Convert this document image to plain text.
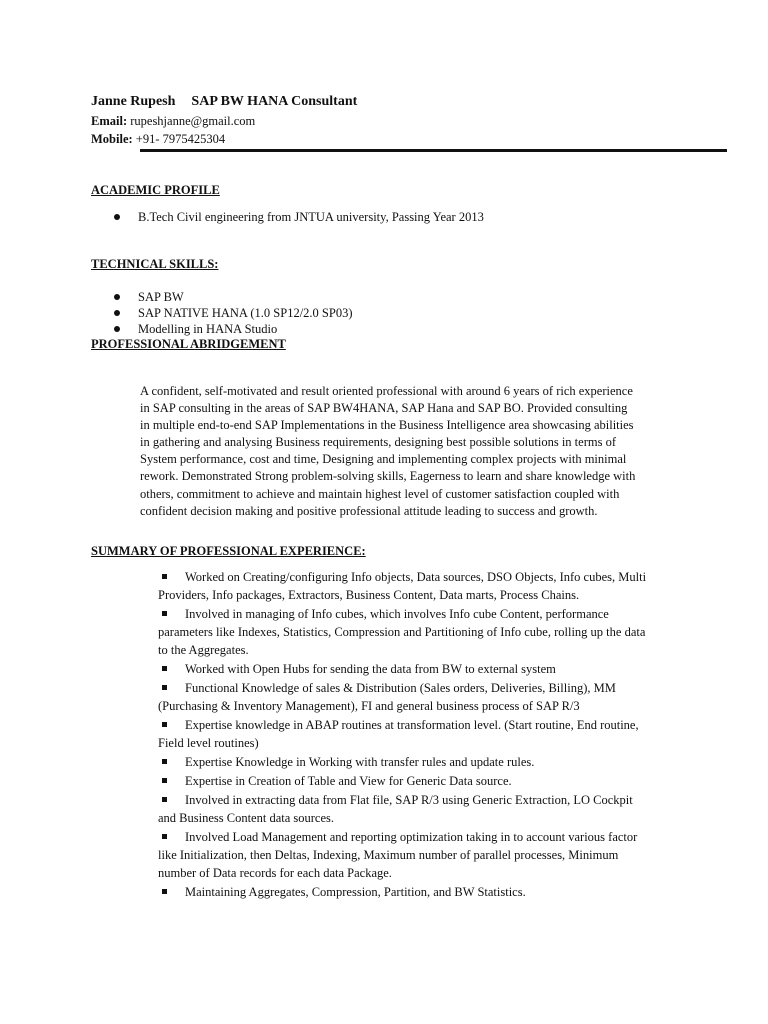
Janne Rupesh SAP BW HANA Consultant
Email: rupeshjanne@gmail.com
Mobile: +91- 7975425304
ACADEMIC PROFILE
B.Tech Civil engineering from JNTUA university, Passing Year 2013
TECHNICAL SKILLS:
SAP BW
SAP NATIVE HANA (1.0 SP12/2.0 SP03)
Modelling in HANA Studio
PROFESSIONAL ABRIDGEMENT
A confident, self-motivated and result oriented professional with around 6 years of rich experience
in SAP consulting in the areas of SAP BW4HANA, SAP Hana and SAP BO. Provided consulting
in multiple end-to-end SAP Implementations in the Business Intelligence area showcasing abilities
in gathering and analysing Business requirements, designing best possible solutions in terms of
System performance, cost and time, Designing and implementing complex projects with minimal
rework. Demonstrated Strong problem-solving skills, Eagerness to learn and share knowledge with
others, commitment to achieve and maintain highest level of customer satisfaction coupled with
confident decision making and positive professional attitude leading to success and growth.
SUMMARY OF PROFESSIONAL EXPERIENCE:
Worked on Creating/configuring Info objects, Data sources, DSO Objects, Info cubes, Multi
Providers, Info packages, Extractors, Business Content, Data marts, Process Chains.
Involved in managing of Info cubes, which involves Info cube Content, performance
parameters like Indexes, Statistics, Compression and Partitioning of Info cube, rolling up the data
to the Aggregates.
Worked with Open Hubs for sending the data from BW to external system
Functional Knowledge of sales & Distribution (Sales orders, Deliveries, Billing), MM
(Purchasing & Inventory Management), FI and general business process of SAP R/3
Expertise knowledge in ABAP routines at transformation level. (Start routine, End routine,
Field level routines)
Expertise Knowledge in Working with transfer rules and update rules.
Expertise in Creation of Table and View for Generic Data source.
Involved in extracting data from Flat file, SAP R/3 using Generic Extraction, LO Cockpit
and Business Content data sources.
Involved Load Management and reporting optimization taking in to account various factor
like Initialization, then Deltas, Indexing, Maximum number of parallel processes, Minimum
number of Data records for each data Package.
Maintaining Aggregates, Compression, Partition, and BW Statistics.
